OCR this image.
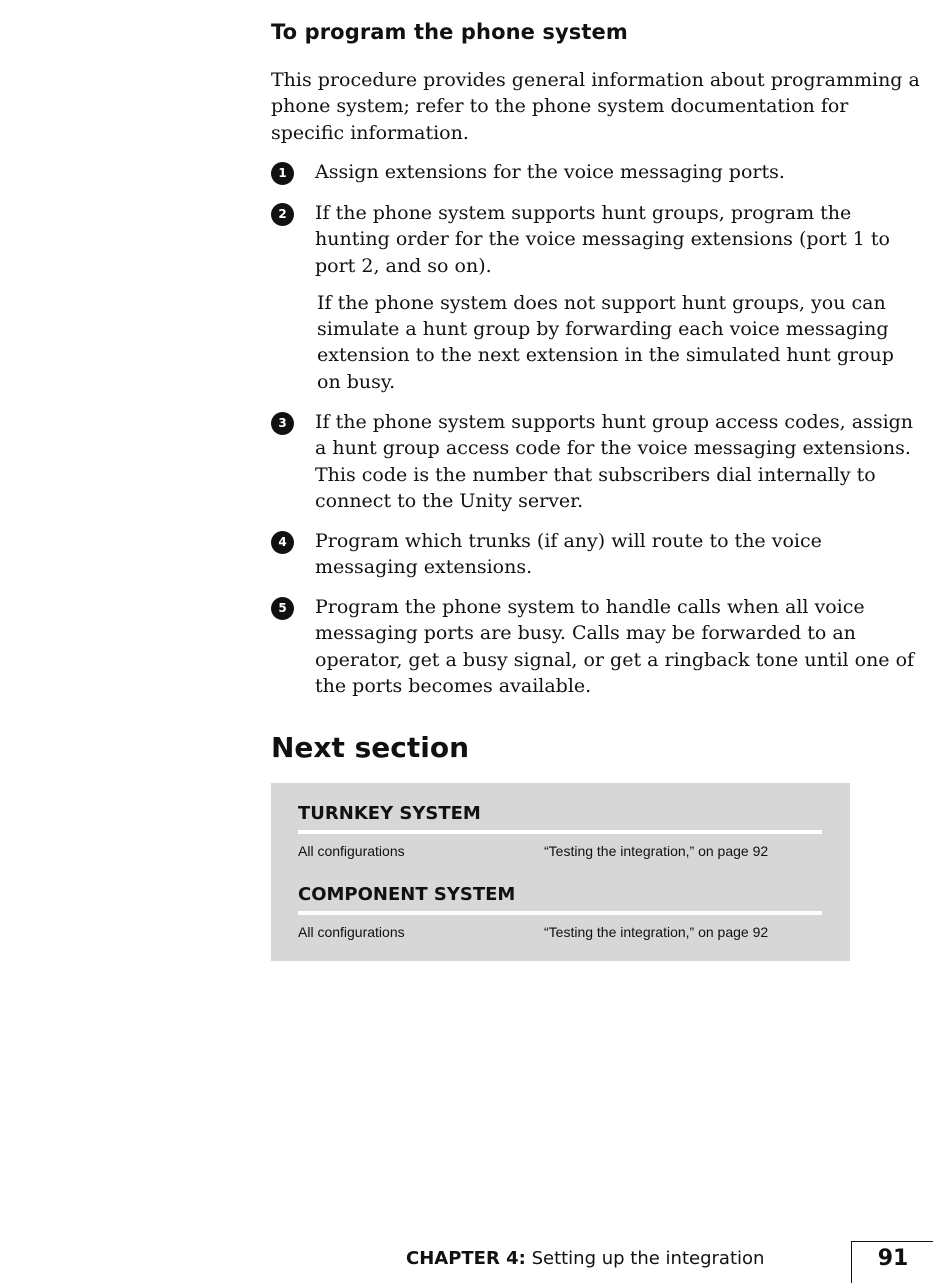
To program the phone system

This procedure provides general information about programming a phone system; refer to the phone system documentation for specific information.

1	Assign extensions for the voice messaging ports.

2	If the phone system supports hunt groups, program the hunting order for the voice messaging extensions (port 1 to port 2, and so on).

If the phone system does not support hunt groups, you can simulate a hunt group by forwarding each voice messaging extension to the next extension in the simulated hunt group on busy.

3	If the phone system supports hunt group access codes, assign a hunt group access code for the voice messaging extensions. This code is the number that subscribers dial internally to connect to the Unity server.

4	Program which trunks (if any) will route to the voice messaging extensions.

5	Program the phone system to handle calls when all voice messaging ports are busy. Calls may be forwarded to an operator, get a busy signal, or get a ringback tone until one of the ports becomes available.

Next section
TURNKEY SYSTEM
All configurations	“Testing the integration,” on page 92
COMPONENT SYSTEM
All configurations	“Testing the integration,” on page 92
CHAPTER 4: Setting up the integration	91
